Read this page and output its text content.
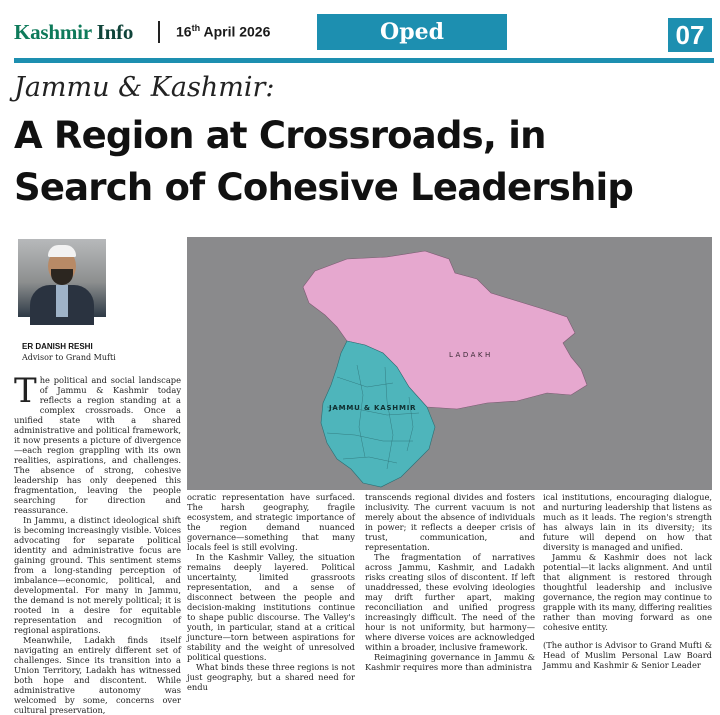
Kashmir Info	16th April 2026	Oped	07
Jammu & Kashmir:
A Region at Crossroads, in
Search of Cohesive Leadership
ER DANISH RESHI
Advisor to Grand Mufti	LADAKH
JAMMU & KASHMIR
T he political and social landscape of Jammu & Kashmir today reflects a region standing at a complex crossroads. Once a unified state with a shared administrative and political framework, it now presents a picture of divergence—each region grappling with its own realities, aspirations, and challenges. The absence of strong, cohesive leadership has only deepened this fragmentation, leaving the people searching for direction and reassurance.

In Jammu, a distinct ideological shift is becoming increasingly visible. Voices advocating for separate political identity and administrative focus are gaining ground. This sentiment stems from a long-standing perception of imbalance—economic, political, and developmental. For many in Jammu, the demand is not merely political; it is rooted in a desire for equitable representation and recognition of regional aspirations.

Meanwhile, Ladakh finds itself navigating an entirely different set of challenges. Since its transition into a Union Territory, Ladakh has witnessed both hope and discontent. While administrative autonomy was welcomed by some, concerns over cultural preservation,

ocratic representation have surfaced. The harsh geography, fragile ecosystem, and strategic importance of the region demand nuanced governance—something that many locals feel is still evolving.

In the Kashmir Valley, the situation remains deeply layered. Political uncertainty, limited grassroots representation, and a sense of disconnect between the people and decision-making institutions continue to shape public discourse. The Valley's youth, in particular, stand at a critical juncture—torn between aspirations for stability and the weight of unresolved political questions.

What binds these three regions is not just geography, but a shared need for endu

transcends regional divides and fosters inclusivity. The current vacuum is not merely about the absence of individuals in power; it reflects a deeper crisis of trust, communication, and representation.

The fragmentation of narratives across Jammu, Kashmir, and Ladakh risks creating silos of discontent. If left unaddressed, these evolving ideologies may drift further apart, making reconciliation and unified progress increasingly difficult. The need of the hour is not uniformity, but harmony—where diverse voices are acknowledged within a broader, inclusive framework.

Reimagining governance in Jammu & Kashmir requires more than administra

ical institutions, encouraging dialogue, and nurturing leadership that listens as much as it leads. The region's strength has always lain in its diversity; its future will depend on how that diversity is managed and unified.

Jammu & Kashmir does not lack potential—it lacks alignment. And until that alignment is restored through thoughtful leadership and inclusive governance, the region may continue to grapple with its many, differing realities rather than moving forward as one cohesive entity.

(The author is Advisor to Grand Mufti & Head of Muslim Personal Law Board Jammu and Kashmir & Senior Leader
